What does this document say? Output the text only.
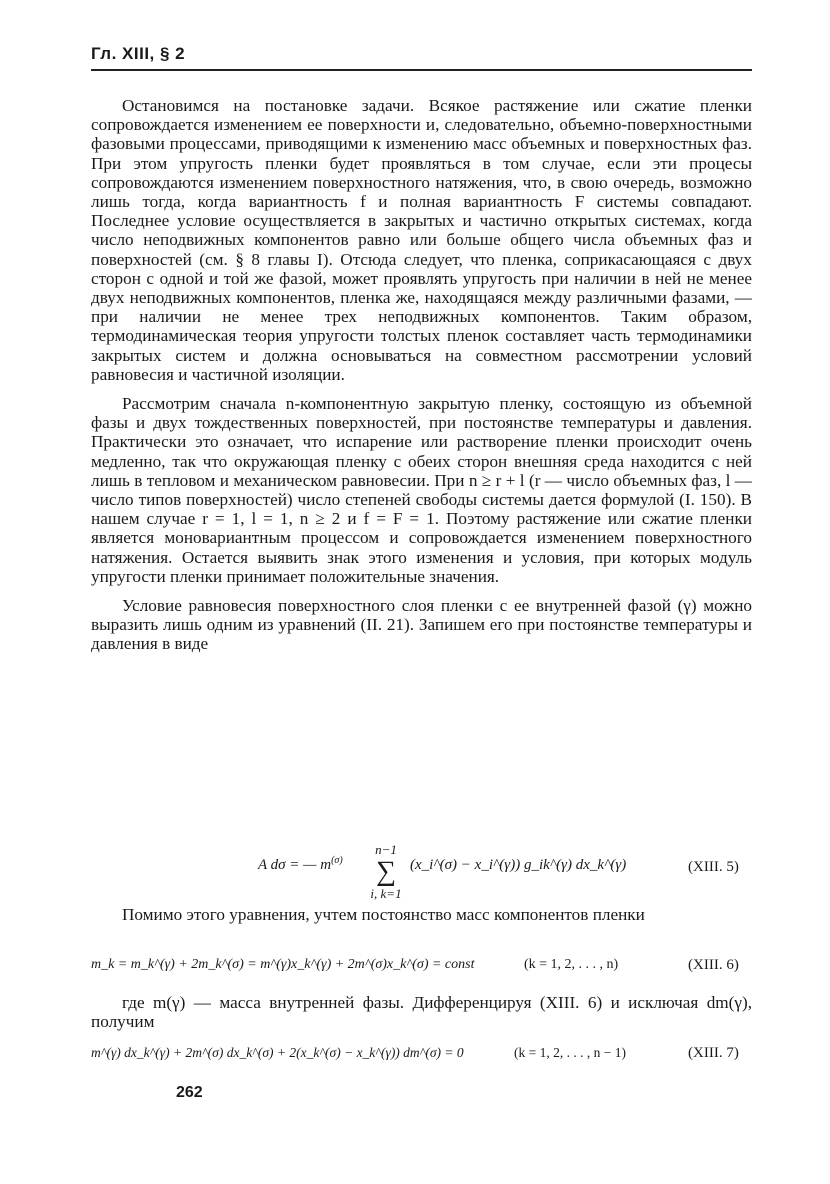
Гл. XIII, § 2

Остановимся на постановке задачи. Всякое растяжение или сжатие пленки сопровождается изменением ее поверхности и, следовательно, объемно-поверхностными фазовыми процессами, приводящими к изменению масс объемных и поверхностных фаз. При этом упругость пленки будет проявляться в том случае, если эти процесы сопровождаются изменением поверхностного натяжения, что, в свою очередь, возможно лишь тогда, когда вариантность f и полная вариантность F системы совпадают. Последнее условие осуществляется в закрытых и частично открытых системах, когда число неподвижных компонентов равно или больше общего числа объемных фаз и поверхностей (см. § 8 главы I). Отсюда следует, что пленка, соприкасающаяся с двух сторон с одной и той же фазой, может проявлять упругость при наличии в ней не менее двух неподвижных компонентов, пленка же, находящаяся между различными фазами, — при наличии не менее трех неподвижных компонентов. Таким образом, термодинамическая теория упругости толстых пленок составляет часть термодинамики закрытых систем и должна основываться на совместном рассмотрении условий равновесия и частичной изоляции.

Рассмотрим сначала n-компонентную закрытую пленку, состоящую из объемной фазы и двух тождественных поверхностей, при постоянстве температуры и давления. Практически это означает, что испарение или растворение пленки происходит очень медленно, так что окружающая пленку с обеих сторон внешняя среда находится с ней лишь в тепловом и механическом равновесии. При n ≥ r + l (r — число объемных фаз, l — число типов поверхностей) число степеней свободы системы дается формулой (I. 150). В нашем случае r = 1, l = 1, n ≥ 2 и f = F = 1. Поэтому растяжение или сжатие пленки является моновариантным процессом и сопровождается изменением поверхностного натяжения. Остается выявить знак этого изменения и условия, при которых модуль упругости пленки принимает положительные значения.

Условие равновесия поверхностного слоя пленки с ее внутренней фазой (γ) можно выразить лишь одним из уравнений (II. 21). Запишем его при постоянстве температуры и давления в виде

A dσ = — $m^{(\sigma)}$
n−1
∑
i, k=1
(x_i^(σ) − x_i^(γ)) g_ik^(γ) dx_k^(γ)	(XIII. 5)
Помимо этого уравнения, учтем постоянство масс компонентов пленки
m_k = m_k^(γ) + 2m_k^(σ) = m^(γ)x_k^(γ) + 2m^(σ)x_k^(σ) = const	(k = 1, 2, . . . , n)	(XIII. 6)
где m(γ) — масса внутренней фазы. Дифференцируя (XIII. 6) и исключая dm(γ), получим
m^(γ) dx_k^(γ) + 2m^(σ) dx_k^(σ) + 2(x_k^(σ) − x_k^(γ)) dm^(σ) = 0	(k = 1, 2, . . . , n − 1)	(XIII. 7)
262
